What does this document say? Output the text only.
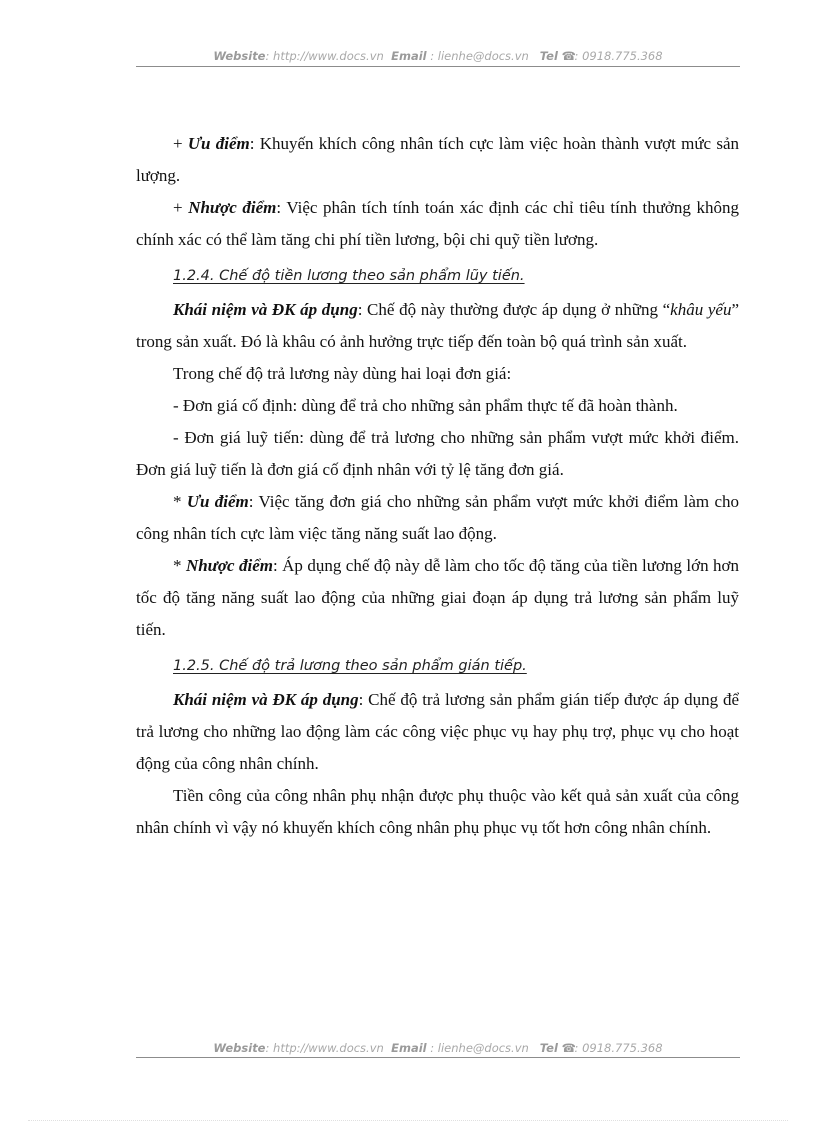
Website: http://www.docs.vn Email : lienhe@docs.vn Tel ☎: 0918.775.368

+ Ưu điểm: Khuyến khích công nhân tích cực làm việc hoàn thành vượt mức sản lượng.

+ Nhược điểm: Việc phân tích tính toán xác định các chỉ tiêu tính thưởng không chính xác có thể làm tăng chi phí tiền lương, bội chi quỹ tiền lương.

1.2.4. Chế độ tiền lương theo sản phẩm lũy tiến.

Khái niệm và ĐK áp dụng: Chế độ này thường được áp dụng ở những “khâu yếu” trong sản xuất. Đó là khâu có ảnh hưởng trực tiếp đến toàn bộ quá trình sản xuất.

Trong chế độ trả lương này dùng hai loại đơn giá:

- Đơn giá cố định: dùng để trả cho những sản phẩm thực tế đã hoàn thành.

- Đơn giá luỹ tiến: dùng để trả lương cho những sản phẩm vượt mức khởi điểm. Đơn giá luỹ tiến là đơn giá cố định nhân với tỷ lệ tăng đơn giá.

* Ưu điểm: Việc tăng đơn giá cho những sản phẩm vượt mức khởi điểm làm cho công nhân tích cực làm việc tăng năng suất lao động.

* Nhược điểm: Áp dụng chế độ này dễ làm cho tốc độ tăng của tiền lương lớn hơn tốc độ tăng năng suất lao động của những giai đoạn áp dụng trả lương sản phẩm luỹ tiến.

1.2.5. Chế độ trả lương theo sản phẩm gián tiếp.

Khái niệm và ĐK áp dụng: Chế độ trả lương sản phẩm gián tiếp được áp dụng để trả lương cho những lao động làm các công việc phục vụ hay phụ trợ, phục vụ cho hoạt động của công nhân chính.

Tiền công của công nhân phụ nhận được phụ thuộc vào kết quả sản xuất của công nhân chính vì vậy nó khuyến khích công nhân phụ phục vụ tốt hơn công nhân chính.

Website: http://www.docs.vn Email : lienhe@docs.vn Tel ☎: 0918.775.368
